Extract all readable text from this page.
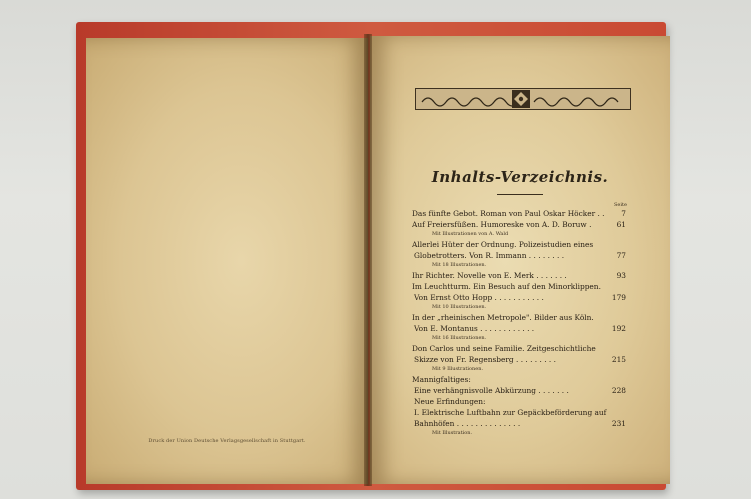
Druck der Union Deutsche Verlagsgesellschaft in Stuttgart.
Inhalts-Verzeichnis.
Seite
Das fünfte Gebot. Roman von Paul Oskar Höcker . . 7
Auf Freiersfüßen. Humoreske von A. D. Boruw .	61
Mit Illustrationen von A. Wald
Allerlei Hüter der Ordnung. Polizeistudien eines
Globetrotters. Von R. Immann . . . . . . . .	77
Mit 18 Illustrationen.
Ihr Richter. Novelle von E. Merk . . . . . . .	93
Im Leuchtturm. Ein Besuch auf den Minorklippen.
Von Ernst Otto Hopp . . . . . . . . . . .	179
Mit 10 Illustrationen.
In der „rheinischen Metropole". Bilder aus Köln.
Von E. Montanus . . . . . . . . . . . .	192
Mit 16 Illustrationen.
Don Carlos und seine Familie. Zeitgeschichtliche
Skizze von Fr. Regensberg . . . . . . . . .	215
Mit 9 Illustrationen.
Mannigfaltiges:
Eine verhängnisvolle Abkürzung . . . . . . .	228
Neue Erfindungen:
I. Elektrische Luftbahn zur Gepäckbeförderung auf
Bahnhöfen . . . . . . . . . . . . . .	231
Mit Illustration.
